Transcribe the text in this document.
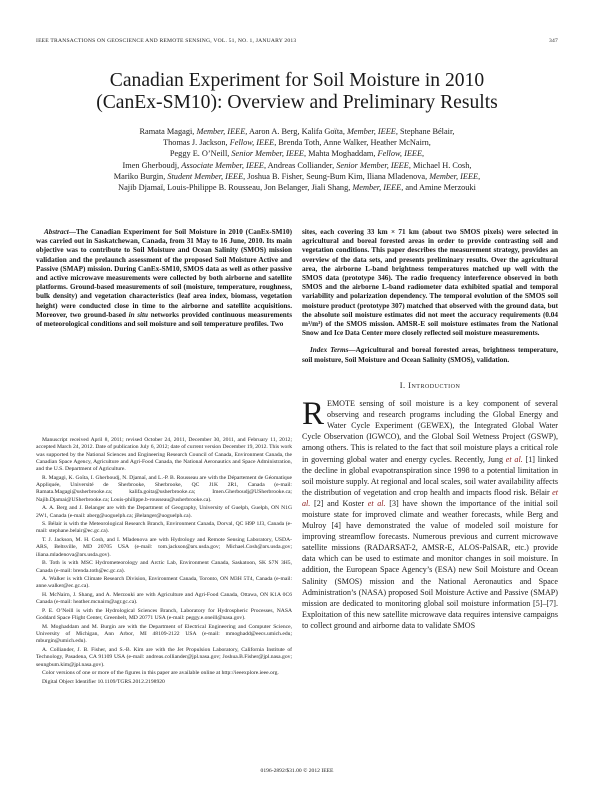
IEEE TRANSACTIONS ON GEOSCIENCE AND REMOTE SENSING, VOL. 51, NO. 1, JANUARY 2013	347
Canadian Experiment for Soil Moisture in 2010
(CanEx-SM10): Overview and Preliminary Results
Ramata Magagi, Member, IEEE, Aaron A. Berg, Kalifa Goïta, Member, IEEE, Stephane Bélair,
Thomas J. Jackson, Fellow, IEEE, Brenda Toth, Anne Walker, Heather McNairn,
Peggy E. O’Neill, Senior Member, IEEE, Mahta Moghaddam, Fellow, IEEE,
Imen Gherboudj, Associate Member, IEEE, Andreas Colliander, Senior Member, IEEE, Michael H. Cosh,
Mariko Burgin, Student Member, IEEE, Joshua B. Fisher, Seung-Bum Kim, Iliana Mladenova, Member, IEEE,
Najib Djamaï, Louis-Philippe B. Rousseau, Jon Belanger, Jiali Shang, Member, IEEE, and Amine Merzouki

Abstract—The Canadian Experiment for Soil Moisture in 2010 (CanEx-SM10) was carried out in Saskatchewan, Canada, from 31 May to 16 June, 2010. Its main objective was to contribute to Soil Moisture and Ocean Salinity (SMOS) mission validation and the prelaunch assessment of the proposed Soil Moisture Active and Passive (SMAP) mission. During CanEx-SM10, SMOS data as well as other passive and active microwave measurements were collected by both airborne and satellite platforms. Ground-based measurements of soil (moisture, temperature, roughness, bulk density) and vegetation characteristics (leaf area index, biomass, vegetation height) were conducted close in time to the airborne and satellite acquisitions. Moreover, two ground-based in situ networks provided continuous measurements of meteorological conditions and soil moisture and soil temperature profiles. Two

Manuscript received April 8, 2011; revised October 24, 2011, December 30, 2011, and February 11, 2012; accepted March 24, 2012. Date of publication July 6, 2012; date of current version December 19, 2012. This work was supported by the National Sciences and Engineering Research Council of Canada, Environment Canada, the Canadian Space Agency, Agriculture and Agri-Food Canada, the National Aeronautics and Space Administration, and the U.S. Department of Agriculture.

R. Magagi, K. Goïta, I. Gherboudj, N. Djamaï, and L.-P. B. Rousseau are with the Département de Géomatique Appliquée, Université de Sherbrooke, Sherbrooke, QC J1K 2R1, Canada (e-mail: Ramata.Magagi@usherbrooke.ca; kalifa.goita@usherbrooke.ca; Imen.Gherboudj@USherbrooke.ca; Najib.Djamai@USherbrooke.ca; Louis-philippe.b-rousseau@usherbrooke.ca).

A. A. Berg and J. Belanger are with the Department of Geography, University of Guelph, Guelph, ON N1G 2W1, Canada (e-mail: aberg@uoguelph.ca; jBelanger@uoguelph.ca).

S. Bélair is with the Meteorological Research Branch, Environment Canada, Dorval, QC H9P 1J3, Canada (e-mail: stephane.belair@ec.gc.ca).

T. J. Jackson, M. H. Cosh, and I. Mladenova are with Hydrology and Remote Sensing Laboratory, USDA-ARS, Beltsville, MD 20705 USA (e-mail: tom.jackson@ars.usda.gov; Michael.Cosh@ars.usda.gov; iliana.mladenova@ars.usda.gov).

B. Toth is with MSC Hydrometeorology and Arctic Lab, Environment Canada, Saskatoon, SK S7N 3H5, Canada (e-mail: brenda.toth@ec.gc.ca).

A. Walker is with Climate Research Division, Environment Canada, Toronto, ON M3H 5T4, Canada (e-mail: anne.walker@ec.gc.ca).

H. McNairn, J. Shang, and A. Merzouki are with Agriculture and Agri-Food Canada, Ottawa, ON K1A 0C6 Canada (e-mail: heather.mcnairn@agr.gc.ca).

P. E. O’Neill is with the Hydrological Sciences Branch, Laboratory for Hydrospheric Processes, NASA Goddard Space Flight Center, Greenbelt, MD 20771 USA (e-mail: peggy.e.oneill@nasa.gov).

M. Moghaddam and M. Burgin are with the Department of Electrical Engineering and Computer Science, University of Michigan, Ann Arbor, MI 48109-2122 USA (e-mail: mmoghadd@eecs.umich.edu; mburgin@umich.edu).

A. Colliander, J. B. Fisher, and S.-B. Kim are with the Jet Propulsion Laboratory, California Institute of Technology, Pasadena, CA 91109 USA (e-mail: andreas.colliander@jpl.nasa.gov; Joshua.B.Fisher@jpl.nasa.gov; seungbum.kim@jpl.nasa.gov).

Color versions of one or more of the figures in this paper are available online at http://ieeexplore.ieee.org.

Digital Object Identifier 10.1109/TGRS.2012.2198920

sites, each covering 33 km × 71 km (about two SMOS pixels) were selected in agricultural and boreal forested areas in order to provide contrasting soil and vegetation conditions. This paper describes the measurement strategy, provides an overview of the data sets, and presents preliminary results. Over the agricultural area, the airborne L-band brightness temperatures matched up well with the SMOS data (prototype 346). The radio frequency interference observed in both SMOS and the airborne L-band radiometer data exhibited spatial and temporal variability and polarization dependency. The temporal evolution of the SMOS soil moisture product (prototype 307) matched that observed with the ground data, but the absolute soil moisture estimates did not meet the accuracy requirements (0.04 m³/m³) of the SMOS mission. AMSR-E soil moisture estimates from the National Snow and Ice Data Center more closely reflected soil moisture measurements.

Index Terms—Agricultural and boreal forested areas, brightness temperature, soil moisture, Soil Moisture and Ocean Salinity (SMOS), validation.

I. Introduction

REMOTE sensing of soil moisture is a key component of several observing and research programs including the Global Energy and Water Cycle Experiment (GEWEX), the Integrated Global Water Cycle Observation (IGWCO), and the Global Soil Wetness Project (GSWP), among others. This is related to the fact that soil moisture plays a critical role in governing global water and energy cycles. Recently, Jung et al. [1] linked the decline in global evapotranspiration since 1998 to a potential limitation in soil moisture supply. At regional and local scales, soil water availability affects the distribution of vegetation and crop health and impacts flood risk. Bélair et al. [2] and Koster et al. [3] have shown the importance of the initial soil moisture state for improved climate and weather forecasts, while Berg and Mulroy [4] have demonstrated the value of modeled soil moisture for improving streamflow forecasts. Numerous previous and current microwave satellite missions (RADARSAT-2, AMSR-E, ALOS-PalSAR, etc.) provide data which can be used to estimate and monitor changes in soil moisture. In addition, the European Space Agency’s (ESA) new Soil Moisture and Ocean Salinity (SMOS) mission and the National Aeronautics and Space Administration’s (NASA) proposed Soil Moisture Active and Passive (SMAP) mission are dedicated to monitoring global soil moisture information [5]–[7]. Exploitation of this new satellite microwave data requires intensive campaigns to collect ground and airborne data to validate SMOS

0196-2892/$31.00 © 2012 IEEE
